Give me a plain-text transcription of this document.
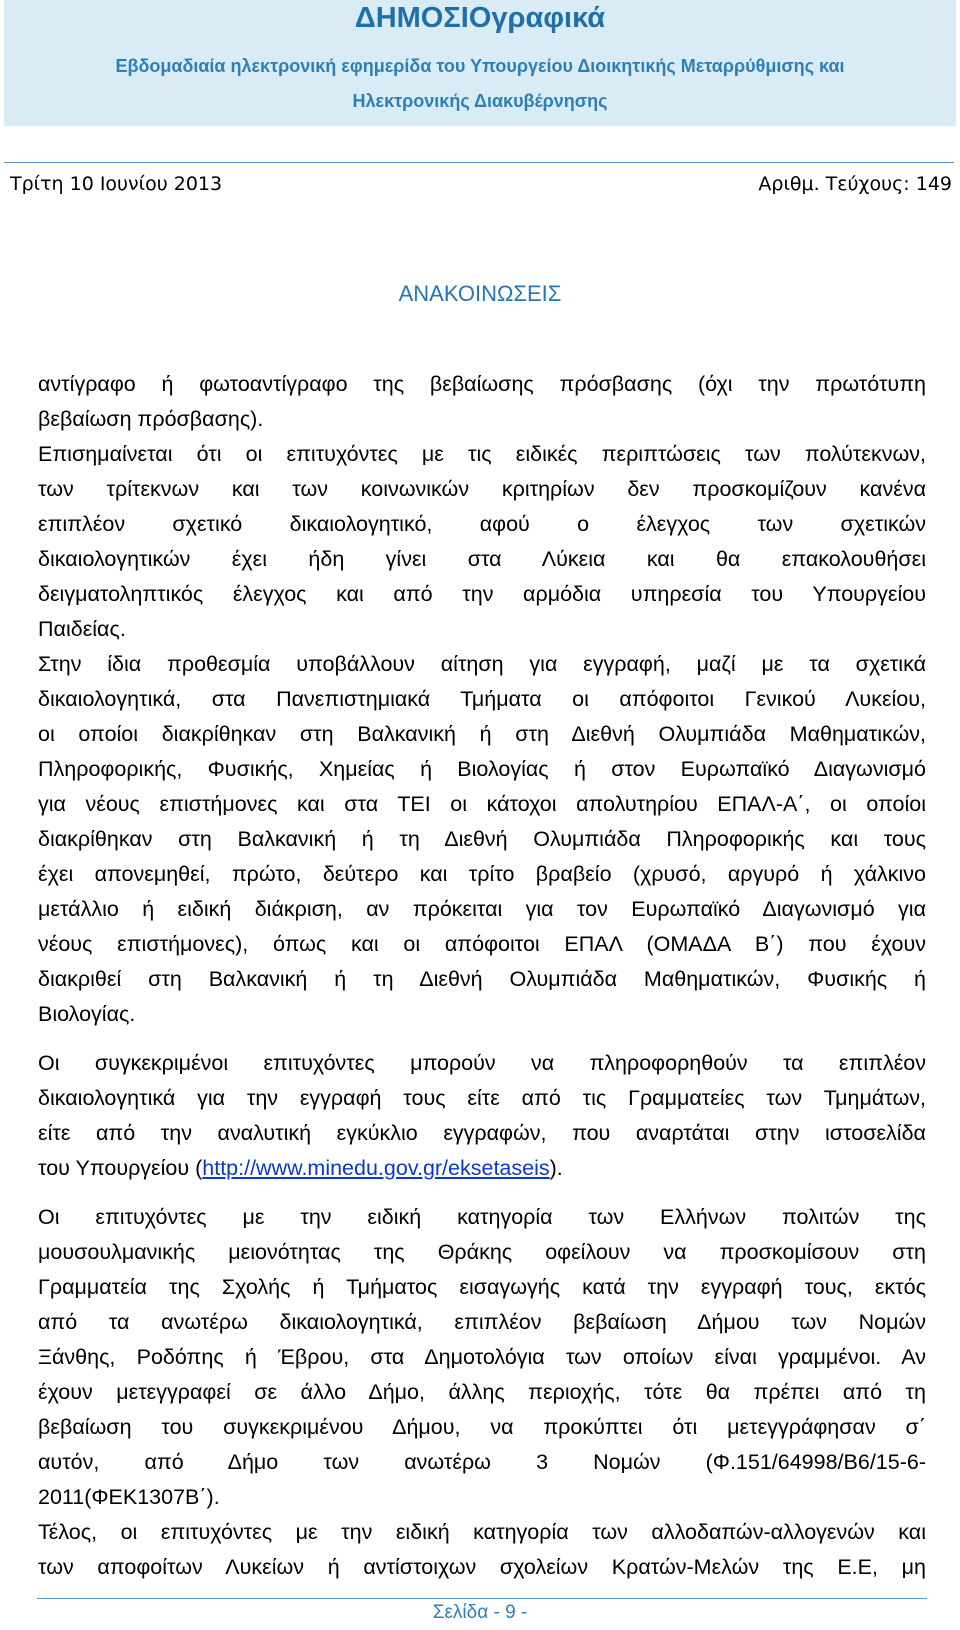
ΔΗΜΟΣΙΟγραφικά
Εβδομαδιαία ηλεκτρονική εφημερίδα του Υπουργείου Διοικητικής Μεταρρύθμισης και
Ηλεκτρονικής Διακυβέρνησης
Τρίτη 10 Ιουνίου 2013	Αριθμ. Τεύχους: 149
ΑΝΑΚΟΙΝΩΣΕΙΣ
αντίγραφο ή φωτοαντίγραφο της βεβαίωσης πρόσβασης (όχι την πρωτότυπη
βεβαίωση πρόσβασης).
Επισημαίνεται ότι οι επιτυχόντες με τις ειδικές περιπτώσεις των πολύτεκνων,
των τρίτεκνων και των κοινωνικών κριτηρίων δεν προσκομίζουν κανένα
επιπλέον σχετικό δικαιολογητικό, αφού ο έλεγχος των σχετικών
δικαιολογητικών έχει ήδη γίνει στα Λύκεια και θα επακολουθήσει
δειγματοληπτικός έλεγχος και από την αρμόδια υπηρεσία του Υπουργείου
Παιδείας.
Στην ίδια προθεσμία υποβάλλουν αίτηση για εγγραφή, μαζί με τα σχετικά
δικαιολογητικά, στα Πανεπιστημιακά Τμήματα οι απόφοιτοι Γενικού Λυκείου,
οι οποίοι διακρίθηκαν στη Βαλκανική ή στη Διεθνή Ολυμπιάδα Μαθηματικών,
Πληροφορικής, Φυσικής, Χημείας ή Βιολογίας ή στον Ευρωπαϊκό Διαγωνισμό
για νέους επιστήμονες και στα ΤΕΙ οι κάτοχοι απολυτηρίου ΕΠΑΛ-Α΄, οι οποίοι
διακρίθηκαν στη Βαλκανική ή τη Διεθνή Ολυμπιάδα Πληροφορικής και τους
έχει απονεμηθεί, πρώτο, δεύτερο και τρίτο βραβείο (χρυσό, αργυρό ή χάλκινο
μετάλλιο ή ειδική διάκριση, αν πρόκειται για τον Ευρωπαϊκό Διαγωνισμό για
νέους επιστήμονες), όπως και οι απόφοιτοι ΕΠΑΛ (ΟΜΑΔΑ Β΄) που έχουν
διακριθεί στη Βαλκανική ή τη Διεθνή Ολυμπιάδα Μαθηματικών, Φυσικής ή
Βιολογίας.
Οι συγκεκριμένοι επιτυχόντες μπορούν να πληροφορηθούν τα επιπλέον
δικαιολογητικά για την εγγραφή τους είτε από τις Γραμματείες των Τμημάτων,
είτε από την αναλυτική εγκύκλιο εγγραφών, που αναρτάται στην ιστοσελίδα
του Υπουργείου (http://www.minedu.gov.gr/eksetaseis).
Οι επιτυχόντες με την ειδική κατηγορία των Ελλήνων πολιτών της
μουσουλμανικής μειονότητας της Θράκης οφείλουν να προσκομίσουν στη
Γραμματεία της Σχολής ή Τμήματος εισαγωγής κατά την εγγραφή τους, εκτός
από τα ανωτέρω δικαιολογητικά, επιπλέον βεβαίωση Δήμου των Νομών
Ξάνθης, Ροδόπης ή Έβρου, στα Δημοτολόγια των οποίων είναι γραμμένοι. Αν
έχουν μετεγγραφεί σε άλλο Δήμο, άλλης περιοχής, τότε θα πρέπει από τη
βεβαίωση του συγκεκριμένου Δήμου, να προκύπτει ότι μετεγγράφησαν σ΄
αυτόν, από Δήμο των ανωτέρω 3 Νομών (Φ.151/64998/Β6/15-6-
2011(ΦΕΚ1307Β΄).
Τέλος, οι επιτυχόντες με την ειδική κατηγορία των αλλοδαπών-αλλογενών και
των αποφοίτων Λυκείων ή αντίστοιχων σχολείων Κρατών-Μελών της Ε.Ε, μη
Σελίδα - 9 -
